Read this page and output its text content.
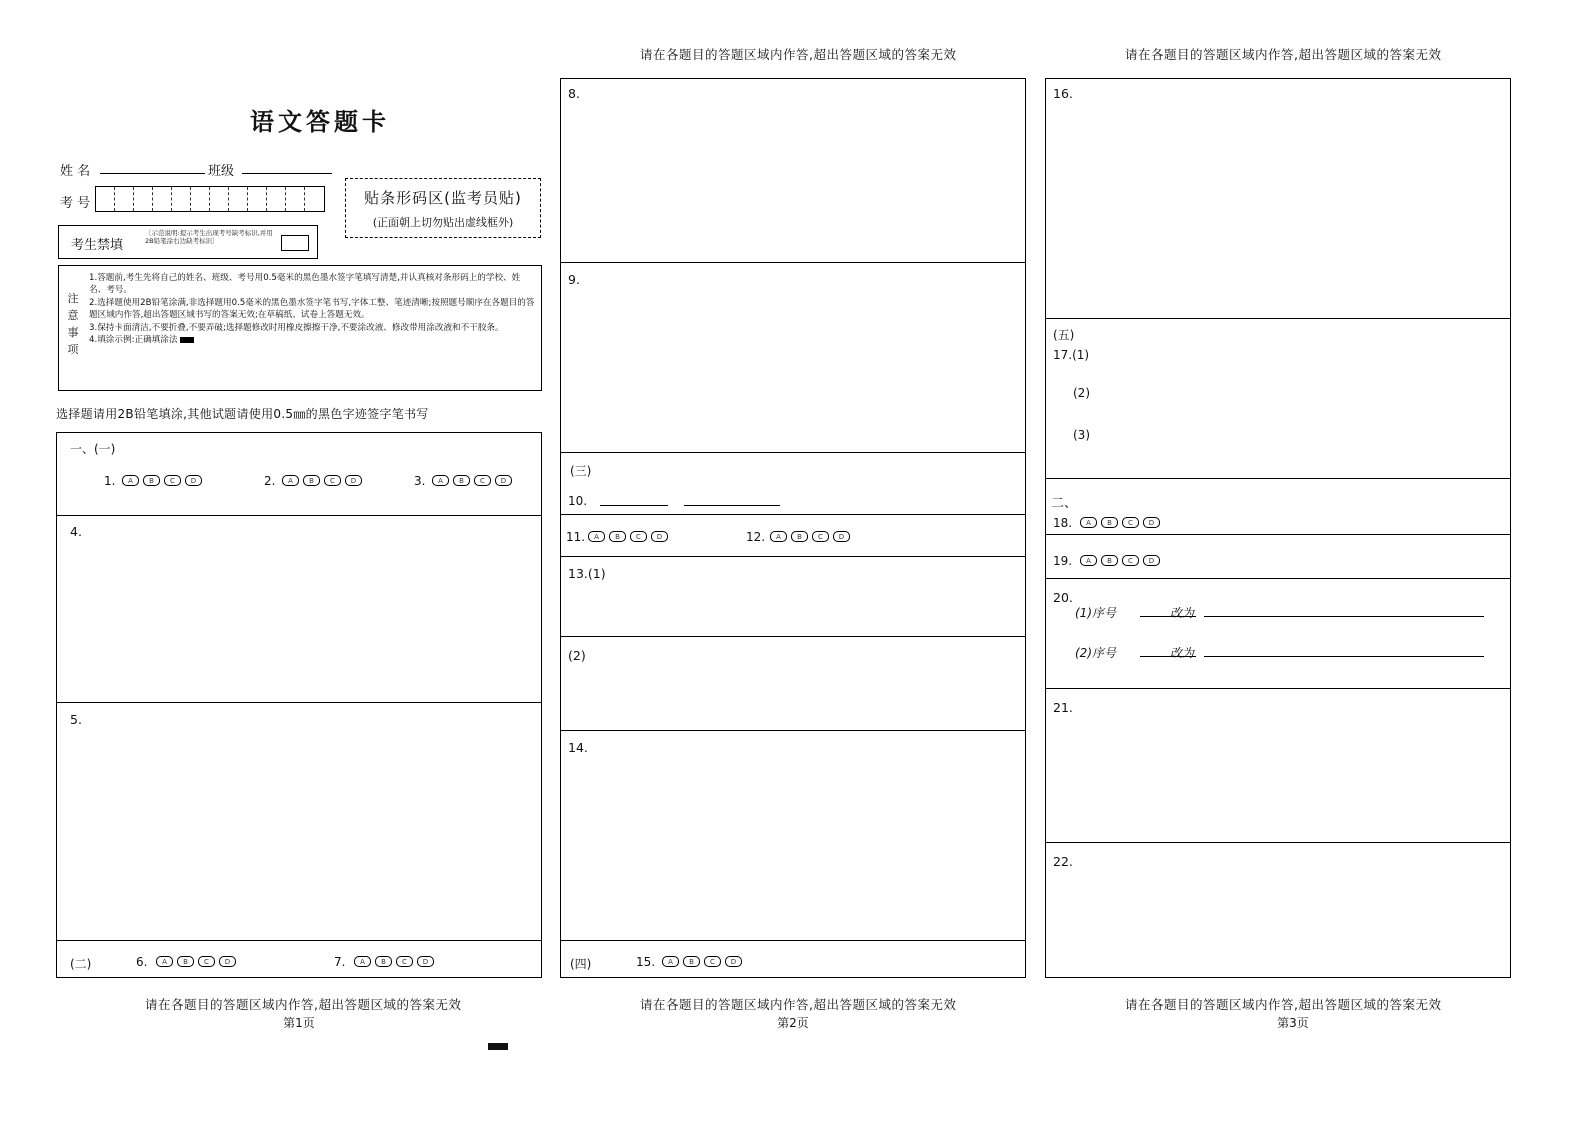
语文答题卡
姓 名	班级
考 号	贴条形码区(监考员贴)
(正面朝上切勿贴出虚线框外)
考生禁填
〔示范说明:提示考生出现考号缺考标识,并用2B铅笔涂右边缺考标识〕
注意事项
1.答题前,考生先将自己的姓名、班级、考号用0.5毫米的黑色墨水签字笔填写清楚,并认真核对条形码上的学校、姓名、考号。
2.选择题使用2B铅笔涂满,非选择题用0.5毫米的黑色墨水签字笔书写,字体工整、笔迹清晰;按照题号顺序在各题目的答题区域内作答,超出答题区域书写的答案无效;在草稿纸、试卷上答题无效。
3.保持卡面清洁,不要折叠,不要弄破;选择题修改时用橡皮擦擦干净,不要涂改液、修改带用涂改液和不干胶条。
4.填涂示例:正确填涂法
选择题请用2B铅笔填涂,其他试题请使用0.5㎜的黑色字迹签字笔书写
一、(一)
1.	A	B	C	D	2.	A	B	C	D	3.	A	B	C	D
4.
5.
(二)	6.	A	B	C	D	7.	A	B	C	D
请在各题目的答题区域内作答,超出答题区域的答案无效
8.
9.
(三)
10.
11.	A	B	C	D	12.	A	B	C	D
13.(1)
(2)
14.
(四)	15.	A	B	C	D
请在各题目的答题区域内作答,超出答题区域的答案无效
16.
(五)
17.(1)
(2)
(3)
二、
18.	A	B	C	D
19.	A	B	C	D
20.
(1)序号	改为
(2)序号	改为
21.
22.
请在各题目的答题区域内作答,超出答题区域的答案无效
第1页
请在各题目的答题区域内作答,超出答题区域的答案无效
第2页
请在各题目的答题区域内作答,超出答题区域的答案无效
第3页
